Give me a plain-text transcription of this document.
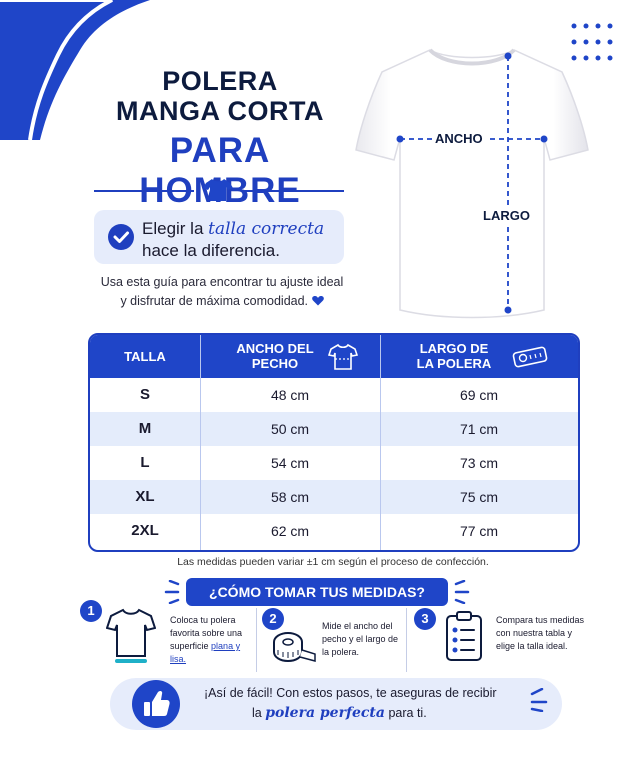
POLERA
MANGA CORTA
PARA
Elegir la talla correcta
hace la diferencia.
Usa esta guía para encontrar tu ajuste ideal
y disfrutar de máxima comodidad.
ANCHO
LARGO
TALLA
ANCHO DEL
PECHO
LARGO DE
LA POLERA
S	48 cm	69 cm
M	50 cm	71 cm
L	54 cm	73 cm
XL	58 cm	75 cm
2XL	62 cm	77 cm
Las medidas pueden variar ±1 cm según el proceso de confección.
¿CÓMO TOMAR TUS MEDIDAS?
1
Coloca tu polera favorita sobre una superficie plana y lisa.
2	Mide el ancho del pecho y el largo de la polera.
3	Compara tus medidas con nuestra tabla y elige la talla ideal.
¡Así de fácil! Con estos pasos, te aseguras de recibir
la polera perfecta para ti.
